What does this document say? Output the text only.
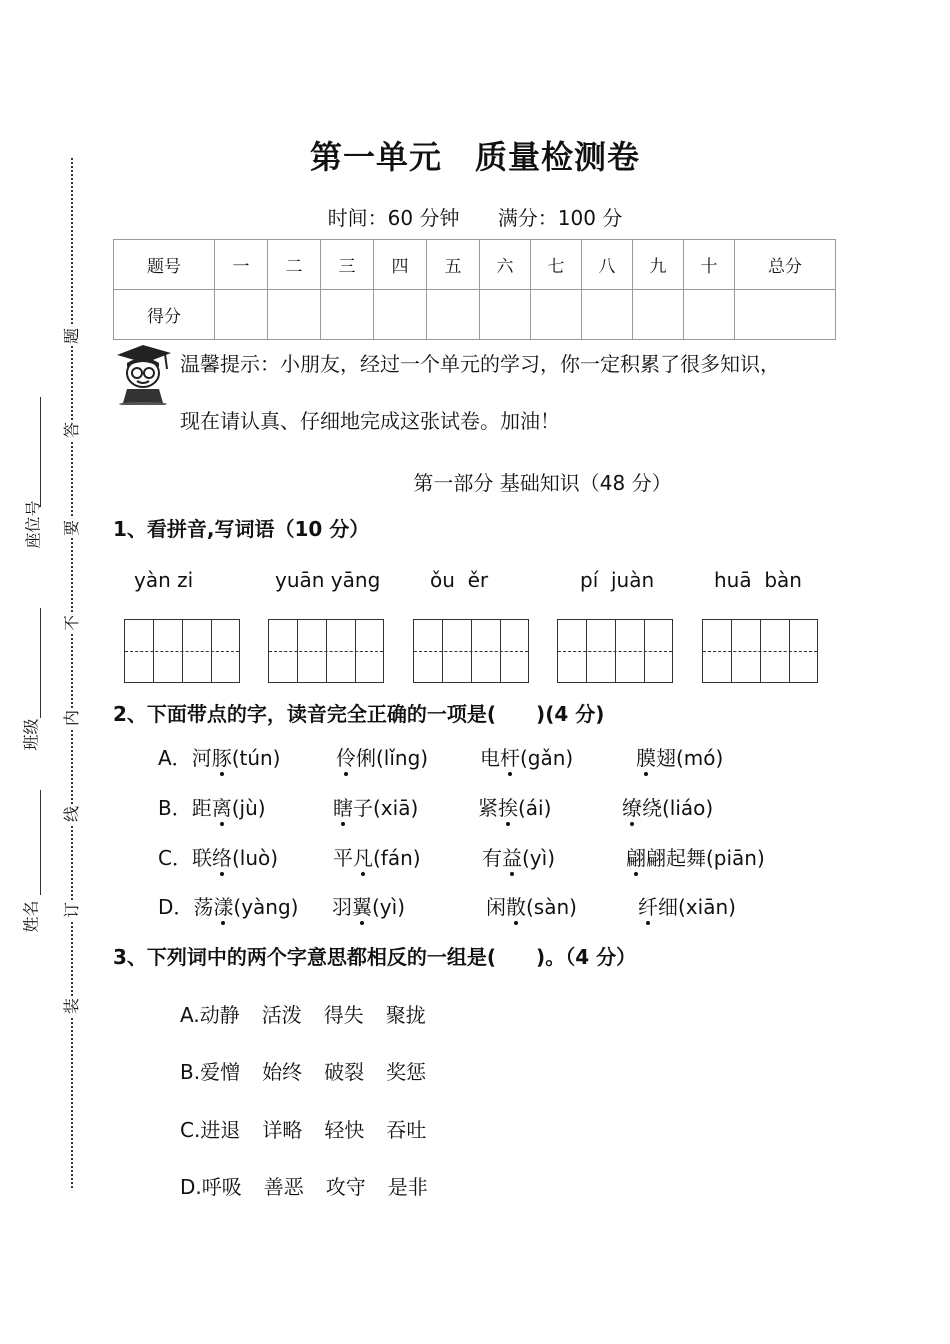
题
答
要
不
内
线
订
装
座位号
班级
姓名
第一单元　质量检测卷
时间：60 分钟 满分：100 分
题号	一	二	三	四	五	六	七	八	九	十	总分
得分											
温馨提示：小朋友，经过一个单元的学习，你一定积累了很多知识，
现在请认真、仔细地完成这张试卷。加油！
第一部分 基础知识（48 分）
1、看拼音,写词语（10 分）
yàn zi	yuān yāng ǒu  ěr	pí  juàn	huā  bàn
2、下面带点的字，读音完全正确的一项是(　　)(4 分)
A．河豚(tún)	伶俐(lǐng)	电杆(gǎn)	膜翅(mó)
B．距离(jù)	瞎子(xiā)	紧挨(ái)	缭绕(liáo)
C．联络(luò)	平凡(fán)	有益(yì)	翩翩起舞(piān)
D．荡漾(yàng) 羽翼(yì)	闲散(sàn)	纤细(xiān)
3、下列词中的两个字意思都相反的一组是(　　)。（4 分）
A.动静 活泼 得失 聚拢
B.爱憎 始终 破裂 奖惩
C.进退 详略 轻快 吞吐
D.呼吸 善恶 攻守 是非
